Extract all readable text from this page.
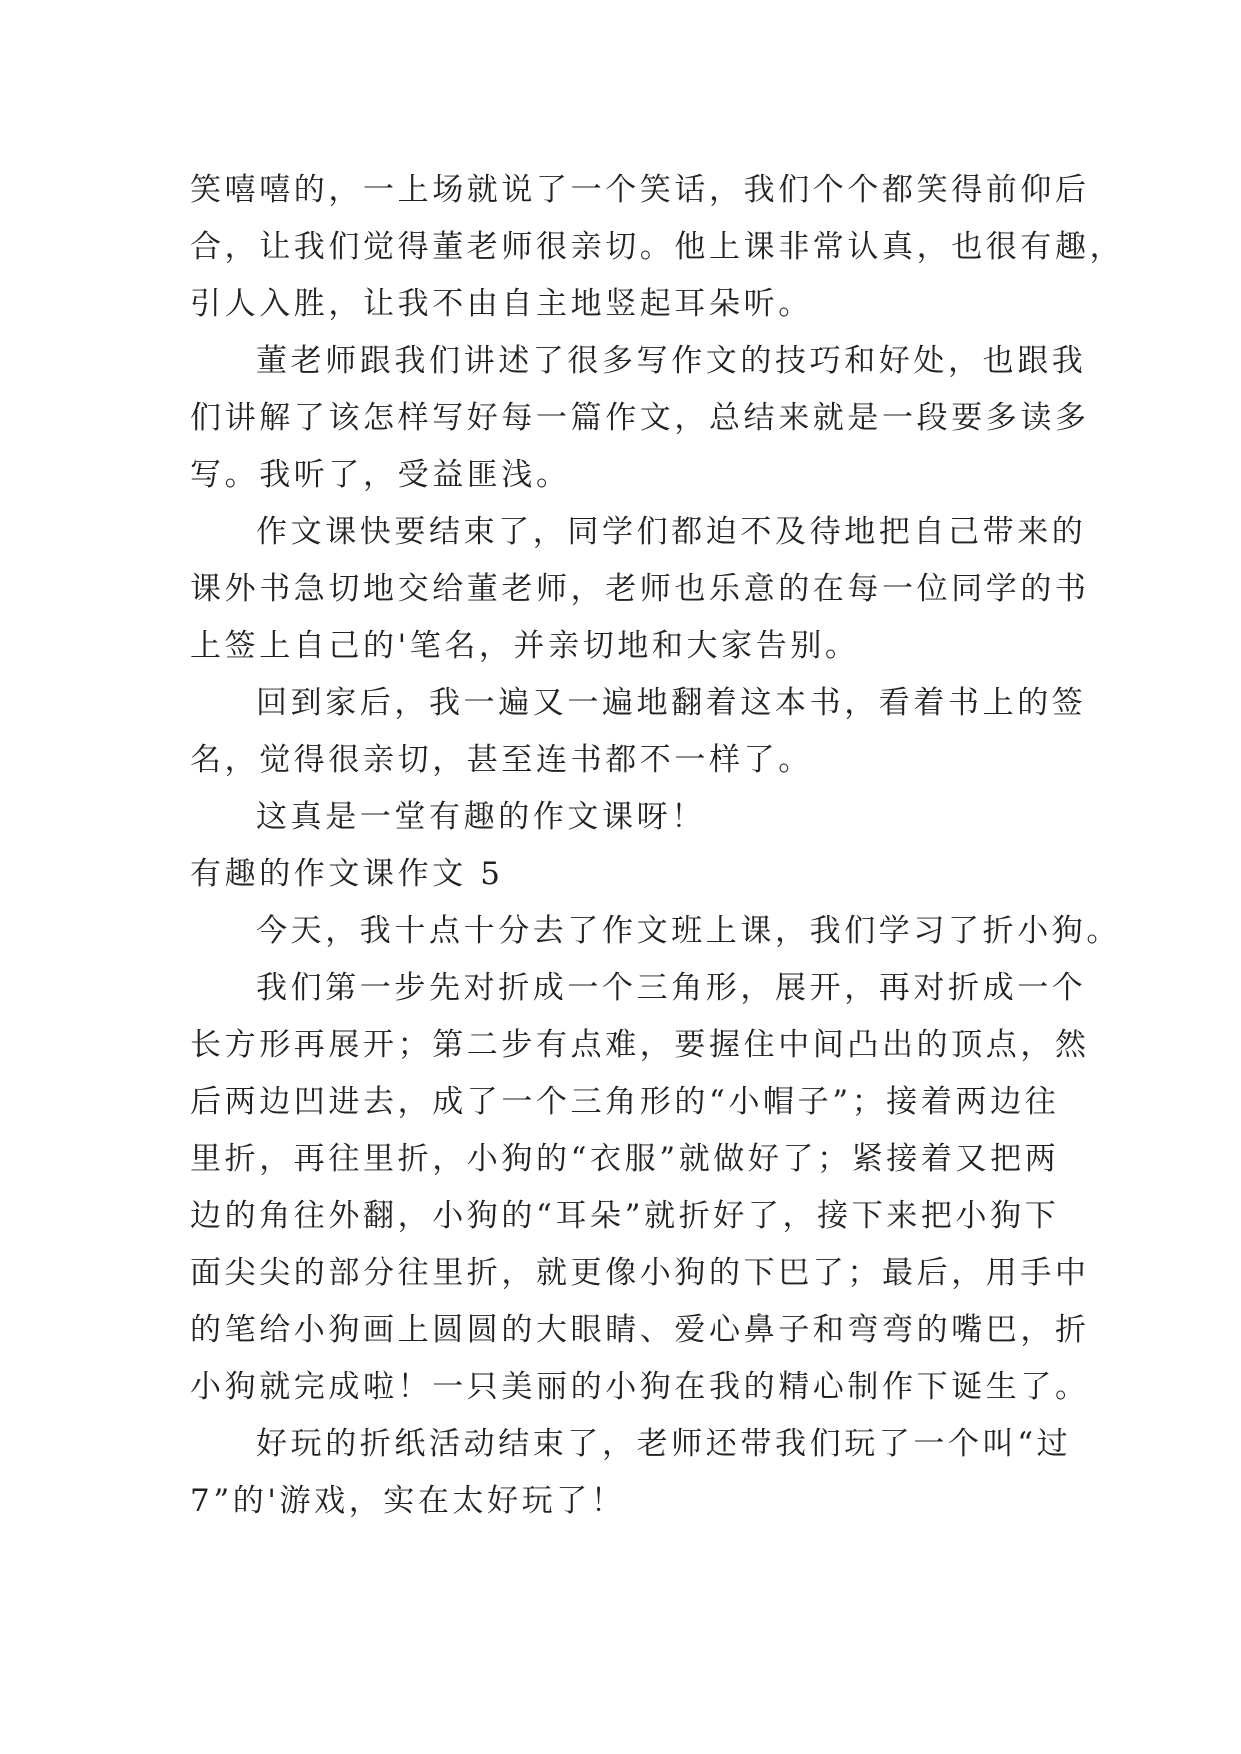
笑嘻嘻的，一上场就说了一个笑话，我们个个都笑得前仰后
合，让我们觉得董老师很亲切。他上课非常认真，也很有趣，
引人入胜，让我不由自主地竖起耳朵听。
董老师跟我们讲述了很多写作文的技巧和好处，也跟我
们讲解了该怎样写好每一篇作文，总结来就是一段要多读多
写。我听了，受益匪浅。
作文课快要结束了，同学们都迫不及待地把自己带来的
课外书急切地交给董老师，老师也乐意的在每一位同学的书
上签上自己的'笔名，并亲切地和大家告别。
回到家后，我一遍又一遍地翻着这本书，看着书上的签
名，觉得很亲切，甚至连书都不一样了。
这真是一堂有趣的作文课呀！
有趣的作文课作文 5
今天，我十点十分去了作文班上课，我们学习了折小狗。
我们第一步先对折成一个三角形，展开，再对折成一个
长方形再展开；第二步有点难，要握住中间凸出的顶点，然
后两边凹进去，成了一个三角形的“小帽子”；接着两边往
里折，再往里折，小狗的“衣服”就做好了；紧接着又把两
边的角往外翻，小狗的“耳朵”就折好了，接下来把小狗下
面尖尖的部分往里折，就更像小狗的下巴了；最后，用手中
的笔给小狗画上圆圆的大眼睛、爱心鼻子和弯弯的嘴巴，折
小狗就完成啦！一只美丽的小狗在我的精心制作下诞生了。
好玩的折纸活动结束了，老师还带我们玩了一个叫“过
7”的'游戏，实在太好玩了！
